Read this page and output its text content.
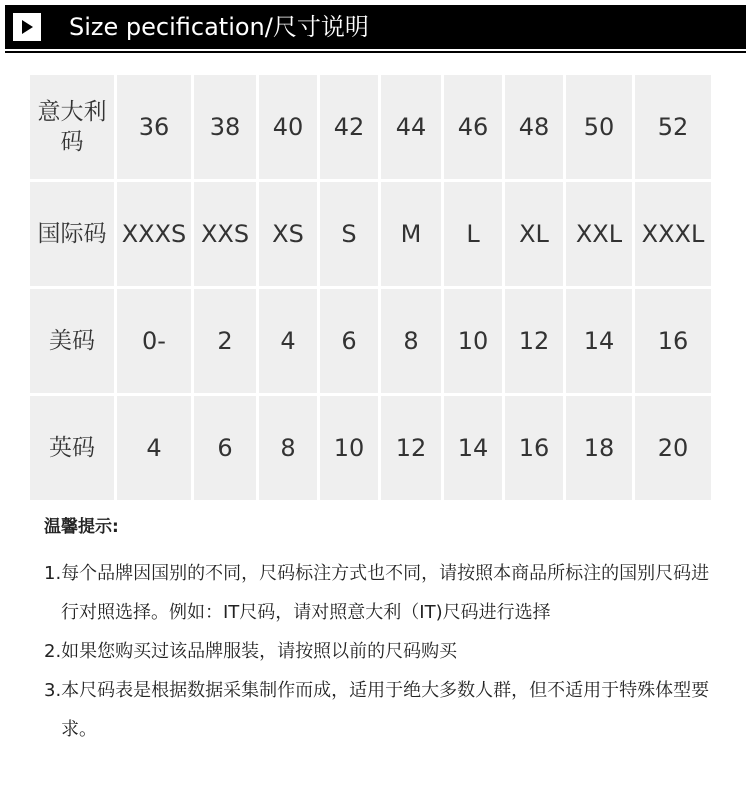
Size pecification/尺寸说明
意大利码	36	38	40	42	44	46	48	50	52
国际码	XXXS	XXS	XS	S	M	L	XL	XXL	XXXL
美码	0-	2	4	6	8	10	12	14	16
英码	4	6	8	10	12	14	16	18	20

温馨提示:

1.每个品牌因国别的不同，尺码标注方式也不同，请按照本商品所标注的国别尺码进行对照选择。例如：IT尺码，请对照意大利（IT)尺码进行选择

2.如果您购买过该品牌服装，请按照以前的尺码购买

3.本尺码表是根据数据采集制作而成，适用于绝大多数人群，但不适用于特殊体型要求。
